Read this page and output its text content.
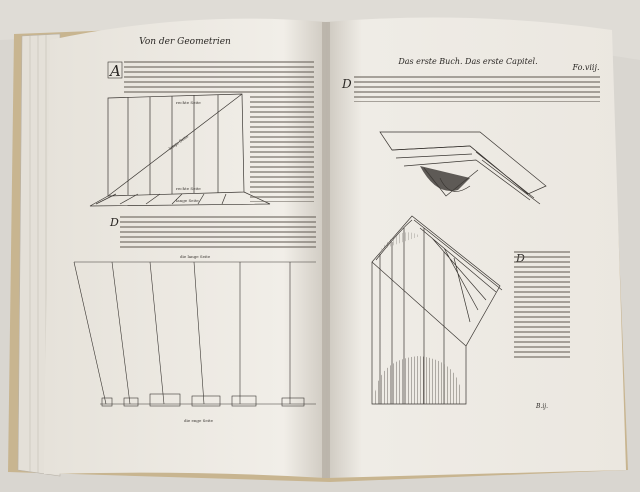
Von der Geometrien
A
rechte Seite
lange Seite
rechte Seite
lange Seite
D
die lange Seite
die enge Seite
Das erste Buch. Das erste Capitel.
Fo.viij.
D
B.ij.
